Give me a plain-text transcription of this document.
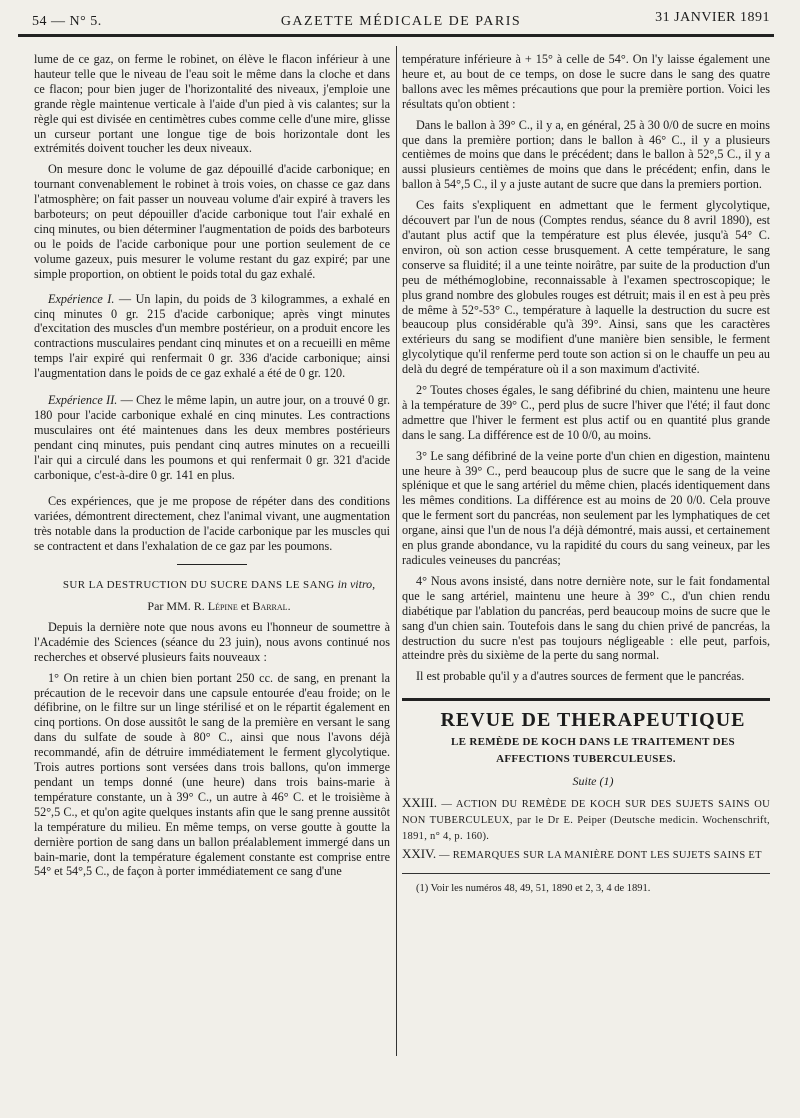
54 — N° 5.	GAZETTE MÉDICALE DE PARIS	31 JANVIER 1891

lume de ce gaz, on ferme le robinet, on élève le flacon inférieur à une hauteur telle que le niveau de l'eau soit le même dans la cloche et dans ce flacon; pour bien juger de l'horizontalité des niveaux, j'emploie une grande règle maintenue verticale à l'aide d'un pied à vis calantes; sur la règle qui est divisée en centimètres cubes comme celle d'une mire, glisse un curseur portant une longue tige de bois horizontale dont les extrémités doivent toucher les deux niveaux.

On mesure donc le volume de gaz dépouillé d'acide carbonique; en tournant convenablement le robinet à trois voies, on chasse ce gaz dans l'atmosphère; on fait passer un nouveau volume d'air expiré à travers les barboteurs; on peut dépouiller d'acide carbonique tout l'air exhalé en cinq minutes, ou bien déterminer l'augmentation de poids des barboteurs ou le poids de l'acide carbonique pour une portion seulement de ce volume gazeux, puis mesurer le volume restant du gaz expiré; par une simple proportion, on obtient le poids total du gaz exhalé.

Expérience I. — Un lapin, du poids de 3 kilogrammes, a exhalé en cinq minutes 0 gr. 215 d'acide carbonique; après vingt minutes d'excitation des muscles d'un membre postérieur, on a produit encore les contractions musculaires pendant cinq minutes et on a recueilli en même temps l'air expiré qui renfermait 0 gr. 336 d'acide carbonique; ainsi l'augmentation dans le poids de ce gaz exhalé a été de 0 gr. 120.

Expérience II. — Chez le même lapin, un autre jour, on a trouvé 0 gr. 180 pour l'acide carbonique exhalé en cinq minutes. Les contractions musculaires ont été maintenues dans les deux membres postérieurs pendant cinq minutes, puis pendant cinq autres minutes on a recueilli l'air qui a circulé dans les poumons et qui renfermait 0 gr. 321 d'acide carbonique, c'est-à-dire 0 gr. 141 en plus.

Ces expériences, que je me propose de répéter dans des conditions variées, démontrent directement, chez l'animal vivant, une augmentation très notable dans la production de l'acide carbonique par les muscles qui se contractent et dans l'exhalation de ce gaz par les poumons.

SUR LA DESTRUCTION DU SUCRE DANS LE SANG in vitro,

Par MM. R. Lépine et Barral.

Depuis la dernière note que nous avons eu l'honneur de soumettre à l'Académie des Sciences (séance du 23 juin), nous avons continué nos recherches et observé plusieurs faits nouveaux :

1° On retire à un chien bien portant 250 cc. de sang, en prenant la précaution de le recevoir dans une capsule entourée d'eau froide; on le défibrine, on le filtre sur un linge stérilisé et on le répartit également en cinq portions. On dose aussitôt le sang de la première en versant le sang dans du sulfate de soude à 80° C., ainsi que nous l'avons déjà recommandé, afin de détruire immédiatement le ferment glycolytique. Trois autres portions sont versées dans trois ballons, qu'on immerge pendant un temps donné (une heure) dans trois bains-marie à température constante, un à 39° C., un autre à 46° C. et le troisième à 52°,5 C., et qu'on agite quelques instants afin que le sang prenne aussitôt la température du milieu. En même temps, on verse goutte à goutte la dernière portion de sang dans un ballon préalablement immergé dans un bain-marie, dont la température également constante est comprise entre 54° et 54°,5 C., de façon à porter immédiatement ce sang d'une

température inférieure à + 15° à celle de 54°. On l'y laisse également une heure et, au bout de ce temps, on dose le sucre dans le sang des quatre ballons avec les mêmes précautions que pour la première portion. Voici les résultats qu'on obtient :

Dans le ballon à 39° C., il y a, en général, 25 à 30 0/0 de sucre en moins que dans la première portion; dans le ballon à 46° C., il y a plusieurs centièmes de moins que dans le précédent; dans le ballon à 52°,5 C., il y a aussi plusieurs centièmes de moins que dans le précédent; enfin, dans le ballon à 54°,5 C., il y a juste autant de sucre que dans la premiers portion.

Ces faits s'expliquent en admettant que le ferment glycolytique, découvert par l'un de nous (Comptes rendus, séance du 8 avril 1890), est d'autant plus actif que la température est plus élevée, jusqu'à 54° C. environ, où son action cesse brusquement. A cette température, le sang conserve sa fluidité; il a une teinte noirâtre, par suite de la production d'un peu de méthémoglobine, reconnaissable à l'examen spectroscopique; le plus grand nombre des globules rouges est détruit; mais il en est à peu près de même à 52°-53° C., température à laquelle la destruction du sucre est beaucoup plus considérable qu'à 39°. Ainsi, sans que les caractères extérieurs du sang se modifient d'une manière bien sensible, le ferment glycolytique qu'il renferme perd toute son action si on le chauffe un peu au delà du degré de température où il a son maximum d'activité.

2° Toutes choses égales, le sang défibriné du chien, maintenu une heure à la température de 39° C., perd plus de sucre l'hiver que l'été; il faut donc admettre que l'hiver le ferment est plus actif ou en quantité plus grande dans le sang. La différence est de 10 0/0, au moins.

3° Le sang défibriné de la veine porte d'un chien en digestion, maintenu une heure à 39° C., perd beaucoup plus de sucre que le sang de la veine splénique et que le sang artériel du même chien, placés identiquement dans les mêmes conditions. La différence est au moins de 20 0/0. Cela prouve que le ferment sort du pancréas, non seulement par les lymphatiques de cet organe, ainsi que l'un de nous l'a déjà démontré, mais aussi, et certainement en plus grande abondance, vu la rapidité du cours du sang veineux, par les radicules veineuses du pancréas;

4° Nous avons insisté, dans notre dernière note, sur le fait fondamental que le sang artériel, maintenu une heure à 39° C., d'un chien rendu diabétique par l'ablation du pancréas, perd beaucoup moins de sucre que le sang d'un chien sain. Toutefois dans le sang du chien privé de pancréas, la destruction du sucre n'est pas toujours négligeable : elle peut, parfois, atteindre près du sixième de la perte du sang normal.

Il est probable qu'il y a d'autres sources de ferment que le pancréas.

REVUE DE THERAPEUTIQUE

LE REMÈDE DE KOCH DANS LE TRAITEMENT DES AFFECTIONS TUBERCULEUSES.

Suite (1)

XXIII. — ACTION DU REMÈDE DE KOCH SUR DES SUJETS SAINS OU NON TUBERCULEUX, par le Dr E. Peiper (Deutsche medicin. Wochenschrift, 1891, n° 4, p. 160).

XXIV. — REMARQUES SUR LA MANIÈRE DONT LES SUJETS SAINS ET

(1) Voir les numéros 48, 49, 51, 1890 et 2, 3, 4 de 1891.
